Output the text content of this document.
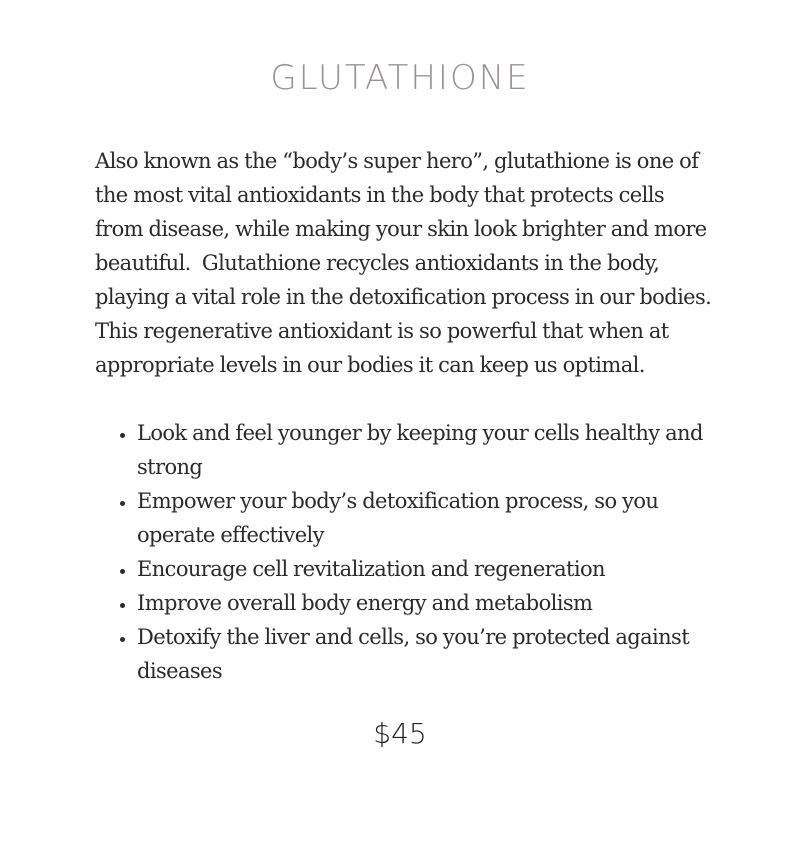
GLUTATHIONE

Also known as the “body’s super hero”, glutathione is one of the most vital antioxidants in the body that protects cells from disease, while making your skin look brighter and more beautiful.  Glutathione recycles antioxidants in the body, playing a vital role in the detoxification process in our bodies. This regenerative antioxidant is so powerful that when at appropriate levels in our bodies it can keep us optimal.

• Look and feel younger by keeping your cells healthy and strong
• Empower your body’s detoxification process, so you operate effectively
• Encourage cell revitalization and regeneration
• Improve overall body energy and metabolism
• Detoxify the liver and cells, so you’re protected against diseases
$45
